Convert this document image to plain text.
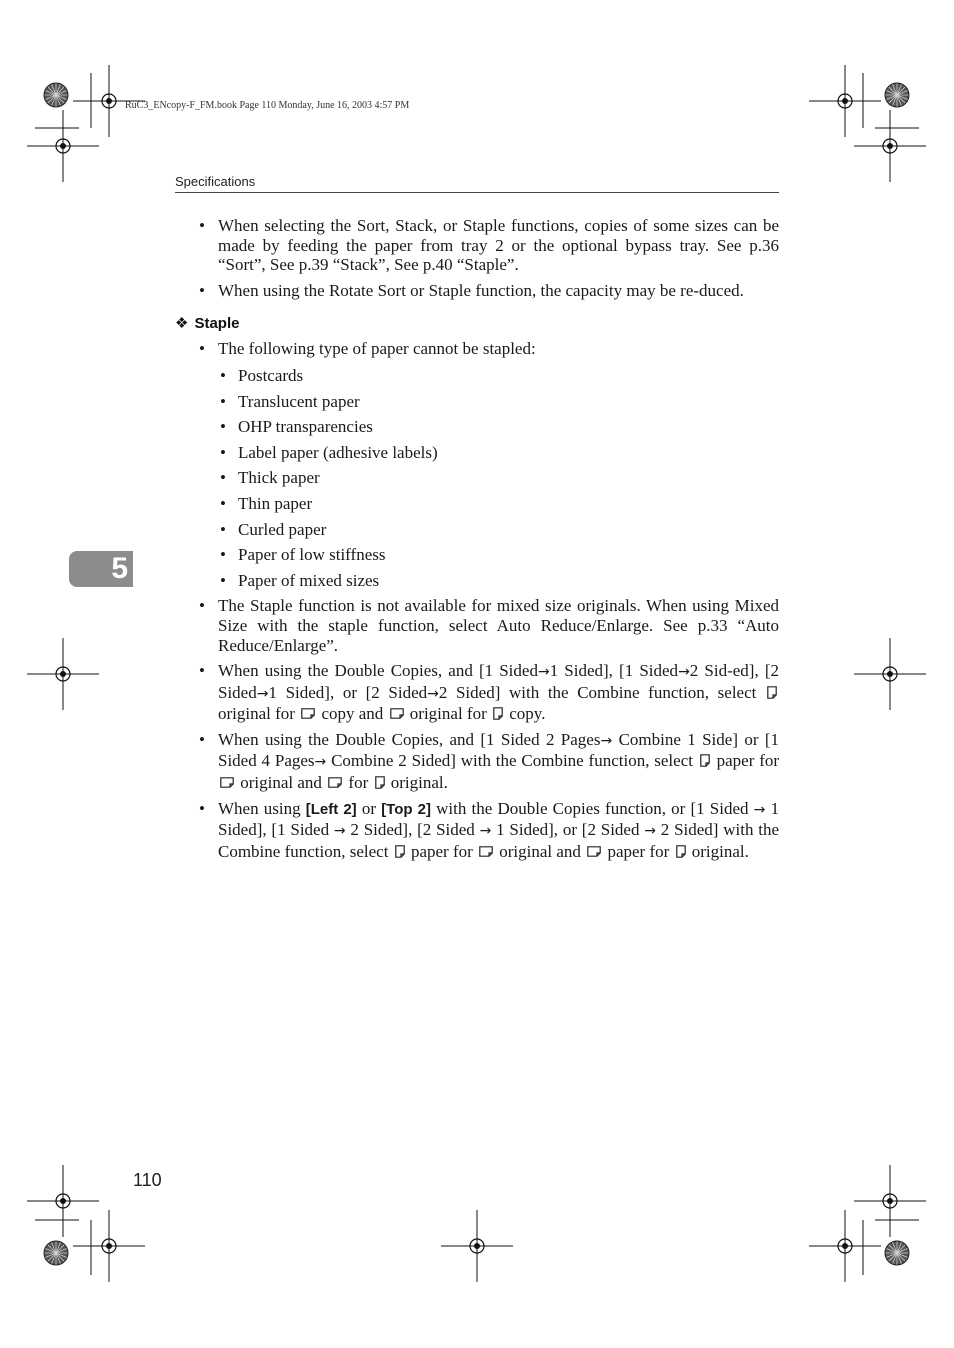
RuC3_ENcopy-F_FM.book Page 110 Monday, June 16, 2003 4:57 PM
Specifications
• When selecting the Sort, Stack, or Staple functions, copies of some sizes can be made by feeding the paper from tray 2 or the optional bypass tray. See p.36 “Sort”, See p.39 “Stack”, See p.40 “Staple”.
• When using the Rotate Sort or Staple function, the capacity may be re-duced.
❖ Staple
• The following type of paper cannot be stapled:
• Postcards
• Translucent paper
• OHP transparencies
• Label paper (adhesive labels)
• Thick paper
• Thin paper
• Curled paper
• Paper of low stiffness
• Paper of mixed sizes
• The Staple function is not available for mixed size originals. When using Mixed Size with the staple function, select Auto Reduce/Enlarge. See p.33 “Auto Reduce/Enlarge”.
• When using the Double Copies, and [1 Sided→1 Sided], [1 Sided→2 Sid-ed], [2 Sided→1 Sided], or [2 Sided→2 Sided] with the Combine function, select  original for copy and original for copy.
• When using the Double Copies, and [1 Sided 2 Pages→ Combine 1 Side] or [1 Sided 4 Pages→ Combine 2 Sided] with the Combine function, select paper for  original and for original.
• When using [Left 2] or [Top 2] with the Double Copies function, or [1 Sided → 1 Sided], [1 Sided → 2 Sided], [2 Sided → 1 Sided], or [2 Sided → 2 Sided] with the Combine function, select paper for original and paper for original.
5
110
